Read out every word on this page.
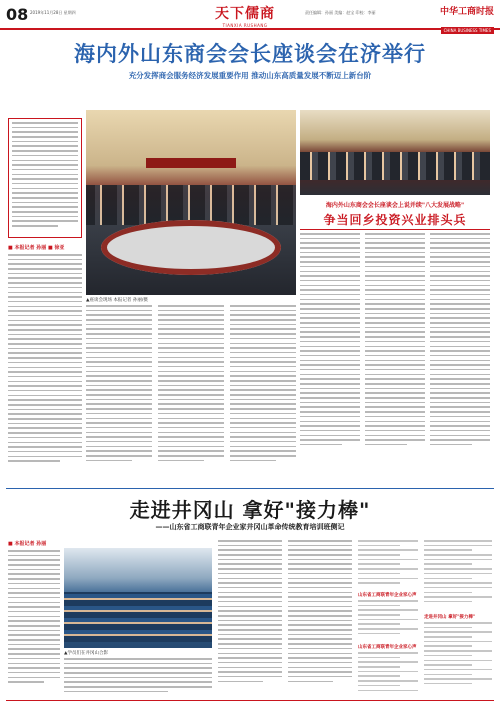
08 2019年11月28日 星期四	天下儒商
TIANXIA RUSHANG
责任编辑：孙丽 美编：赵宝 印校：李丽	中华工商时报
CHINA BUSINESS TIMES
海内外山东商会会长座谈会在济举行
充分发挥商会服务经济发展重要作用 推动山东高质量发展不断迈上新台阶
■ 本报记者 孙丽 ■ 徐亚
▲座谈会现场 本报记者 孙丽/摄
海内外山东商会会长座谈会上说并续"八大发展战略"
争当回乡投资兴业排头兵
走进井冈山 拿好"接力棒"
——山东省工商联青年企业家井冈山革命传统教育培训班侧记
■ 本报记者 孙丽
▲学员们在井冈山合影
山东省工商联青年企业家心声
山东省工商联青年企业家心声
走进井冈山 拿好"接力棒"
